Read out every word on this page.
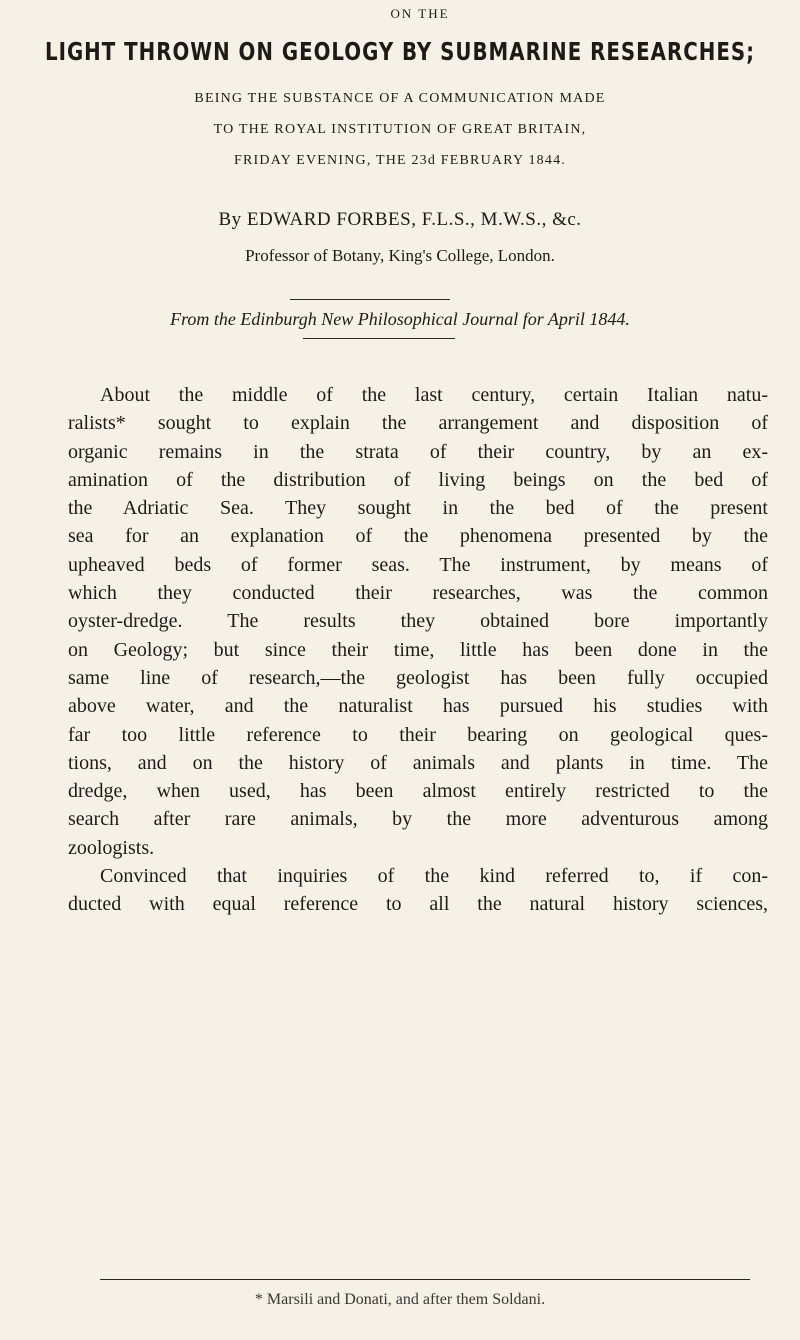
ON THE
LIGHT THROWN ON GEOLOGY BY SUBMARINE RESEARCHES;
BEING THE SUBSTANCE OF A COMMUNICATION MADE
TO THE ROYAL INSTITUTION OF GREAT BRITAIN,
FRIDAY EVENING, THE 23d FEBRUARY 1844.
By EDWARD FORBES, F.L.S., M.W.S., &c.
Professor of Botany, King's College, London.
From the Edinburgh New Philosophical Journal for April 1844.
About the middle of the last century, certain Italian natu-
ralists* sought to explain the arrangement and disposition of
organic remains in the strata of their country, by an ex-
amination of the distribution of living beings on the bed of
the Adriatic Sea. They sought in the bed of the present
sea for an explanation of the phenomena presented by the
upheaved beds of former seas. The instrument, by means of
which they conducted their researches, was the common
oyster-dredge. The results they obtained bore importantly
on Geology; but since their time, little has been done in the
same line of research,—the geologist has been fully occupied
above water, and the naturalist has pursued his studies with
far too little reference to their bearing on geological ques-
tions, and on the history of animals and plants in time. The
dredge, when used, has been almost entirely restricted to the
search after rare animals, by the more adventurous among
zoologists.
Convinced that inquiries of the kind referred to, if con-
ducted with equal reference to all the natural history sciences,
* Marsili and Donati, and after them Soldani.
